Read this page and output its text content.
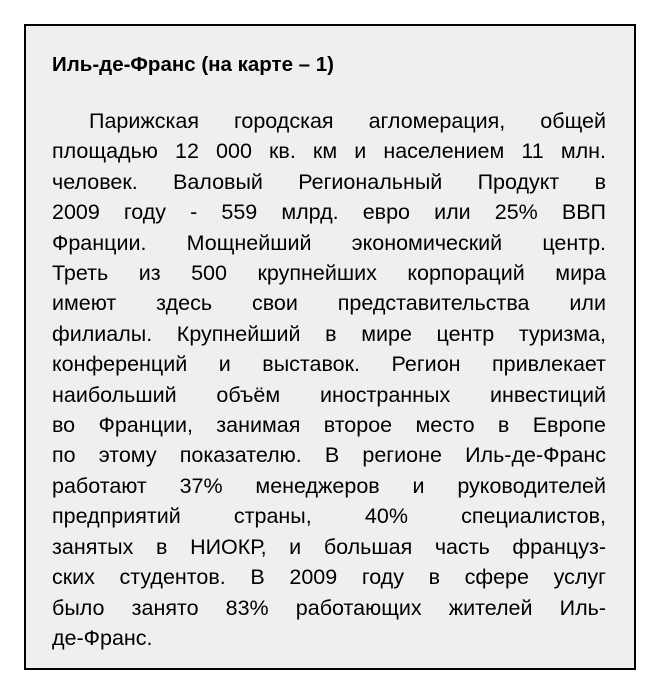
Иль-де-Франс (на карте – 1)
Парижская городская агломерация, общей
площадью 12 000 кв. км и населением 11 млн.
человек. Валовый Региональный Продукт в
2009 году - 559 млрд. евро или 25% ВВП
Франции. Мощнейший экономический центр.
Треть из 500 крупнейших корпораций мира
имеют здесь свои представительства или
филиалы. Крупнейший в мире центр туризма,
конференций и выставок. Регион привлекает
наибольший объём иностранных инвестиций
во Франции, занимая второе место в Европе
по этому показателю. В регионе Иль-де-Франс
работают 37% менеджеров и руководителей
предприятий страны, 40% специалистов,
занятых в НИОКР, и большая часть француз-
ских студентов. В 2009 году в сфере услуг
было занято 83% работающих жителей Иль-
де-Франс.
